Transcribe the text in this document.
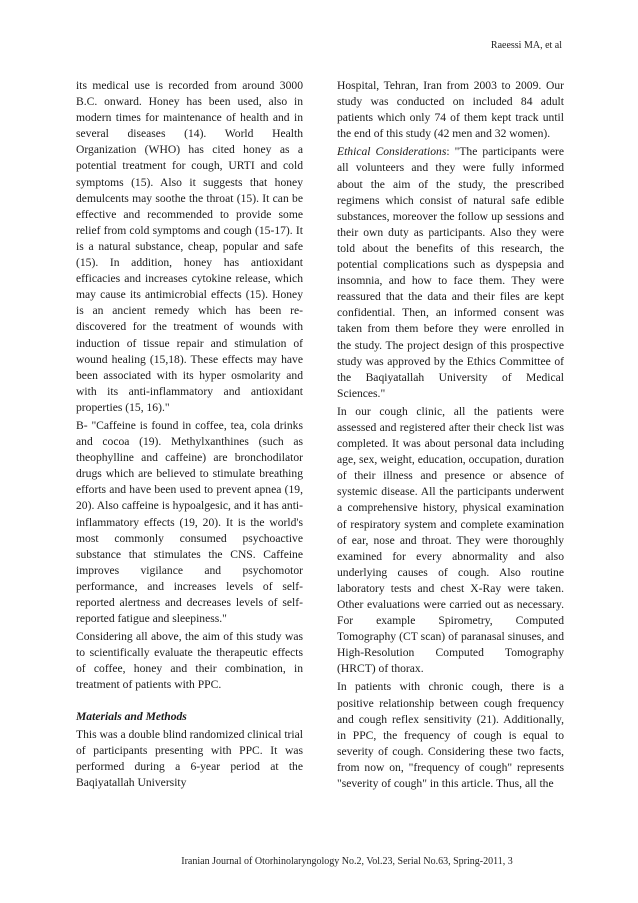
Raeessi MA, et al

its medical use is recorded from around 3000 B.C. onward. Honey has been used, also in modern times for maintenance of health and in several diseases (14). World Health Organization (WHO) has cited honey as a potential treatment for cough, URTI and cold symptoms (15). Also it suggests that honey demulcents may soothe the throat (15). It can be effective and recommended to provide some relief from cold symptoms and cough (15-17). It is a natural substance, cheap, popular and safe (15). In addition, honey has antioxidant efficacies and increases cytokine release, which may cause its antimicrobial effects (15). Honey is an ancient remedy which has been re-discovered for the treatment of wounds with induction of tissue repair and stimulation of wound healing (15,18). These effects may have been associated with its hyper osmolarity and with its anti-inflammatory and antioxidant properties (15, 16)."

B- "Caffeine is found in coffee, tea, cola drinks and cocoa (19). Methylxanthines (such as theophylline and caffeine) are bronchodilator drugs which are believed to stimulate breathing efforts and have been used to prevent apnea (19, 20). Also caffeine is hypoalgesic, and it has anti-inflammatory effects (19, 20). It is the world's most commonly consumed psychoactive substance that stimulates the CNS. Caffeine improves vigilance and psychomotor performance, and increases levels of self-reported alertness and decreases levels of self-reported fatigue and sleepiness."

Considering all above, the aim of this study was to scientifically evaluate the therapeutic effects of coffee, honey and their combination, in treatment of patients with PPC.

Materials and Methods

This was a double blind randomized clinical trial of participants presenting with PPC. It was performed during a 6-year period at the Baqiyatallah University

Hospital, Tehran, Iran from 2003 to 2009. Our study was conducted on included 84 adult patients which only 74 of them kept track until the end of this study (42 men and 32 women).

Ethical Considerations: "The participants were all volunteers and they were fully informed about the aim of the study, the prescribed regimens which consist of natural safe edible substances, moreover the follow up sessions and their own duty as participants. Also they were told about the benefits of this research, the potential complications such as dyspepsia and insomnia, and how to face them. They were reassured that the data and their files are kept confidential. Then, an informed consent was taken from them before they were enrolled in the study. The project design of this prospective study was approved by the Ethics Committee of the Baqiyatallah University of Medical Sciences."

In our cough clinic, all the patients were assessed and registered after their check list was completed. It was about personal data including age, sex, weight, education, occupation, duration of their illness and presence or absence of systemic disease. All the participants underwent a comprehensive history, physical examination of respiratory system and complete examination of ear, nose and throat. They were thoroughly examined for every abnormality and also underlying causes of cough. Also routine laboratory tests and chest X-Ray were taken. Other evaluations were carried out as necessary. For example Spirometry, Computed Tomography (CT scan) of paranasal sinuses, and High-Resolution Computed Tomography (HRCT) of thorax.

In patients with chronic cough, there is a positive relationship between cough frequency and cough reflex sensitivity (21). Additionally, in PPC, the frequency of cough is equal to severity of cough. Considering these two facts, from now on, "frequency of cough" represents "severity of cough" in this article. Thus, all the

Iranian Journal of Otorhinolaryngology No.2, Vol.23, Serial No.63, Spring-2011, 3
